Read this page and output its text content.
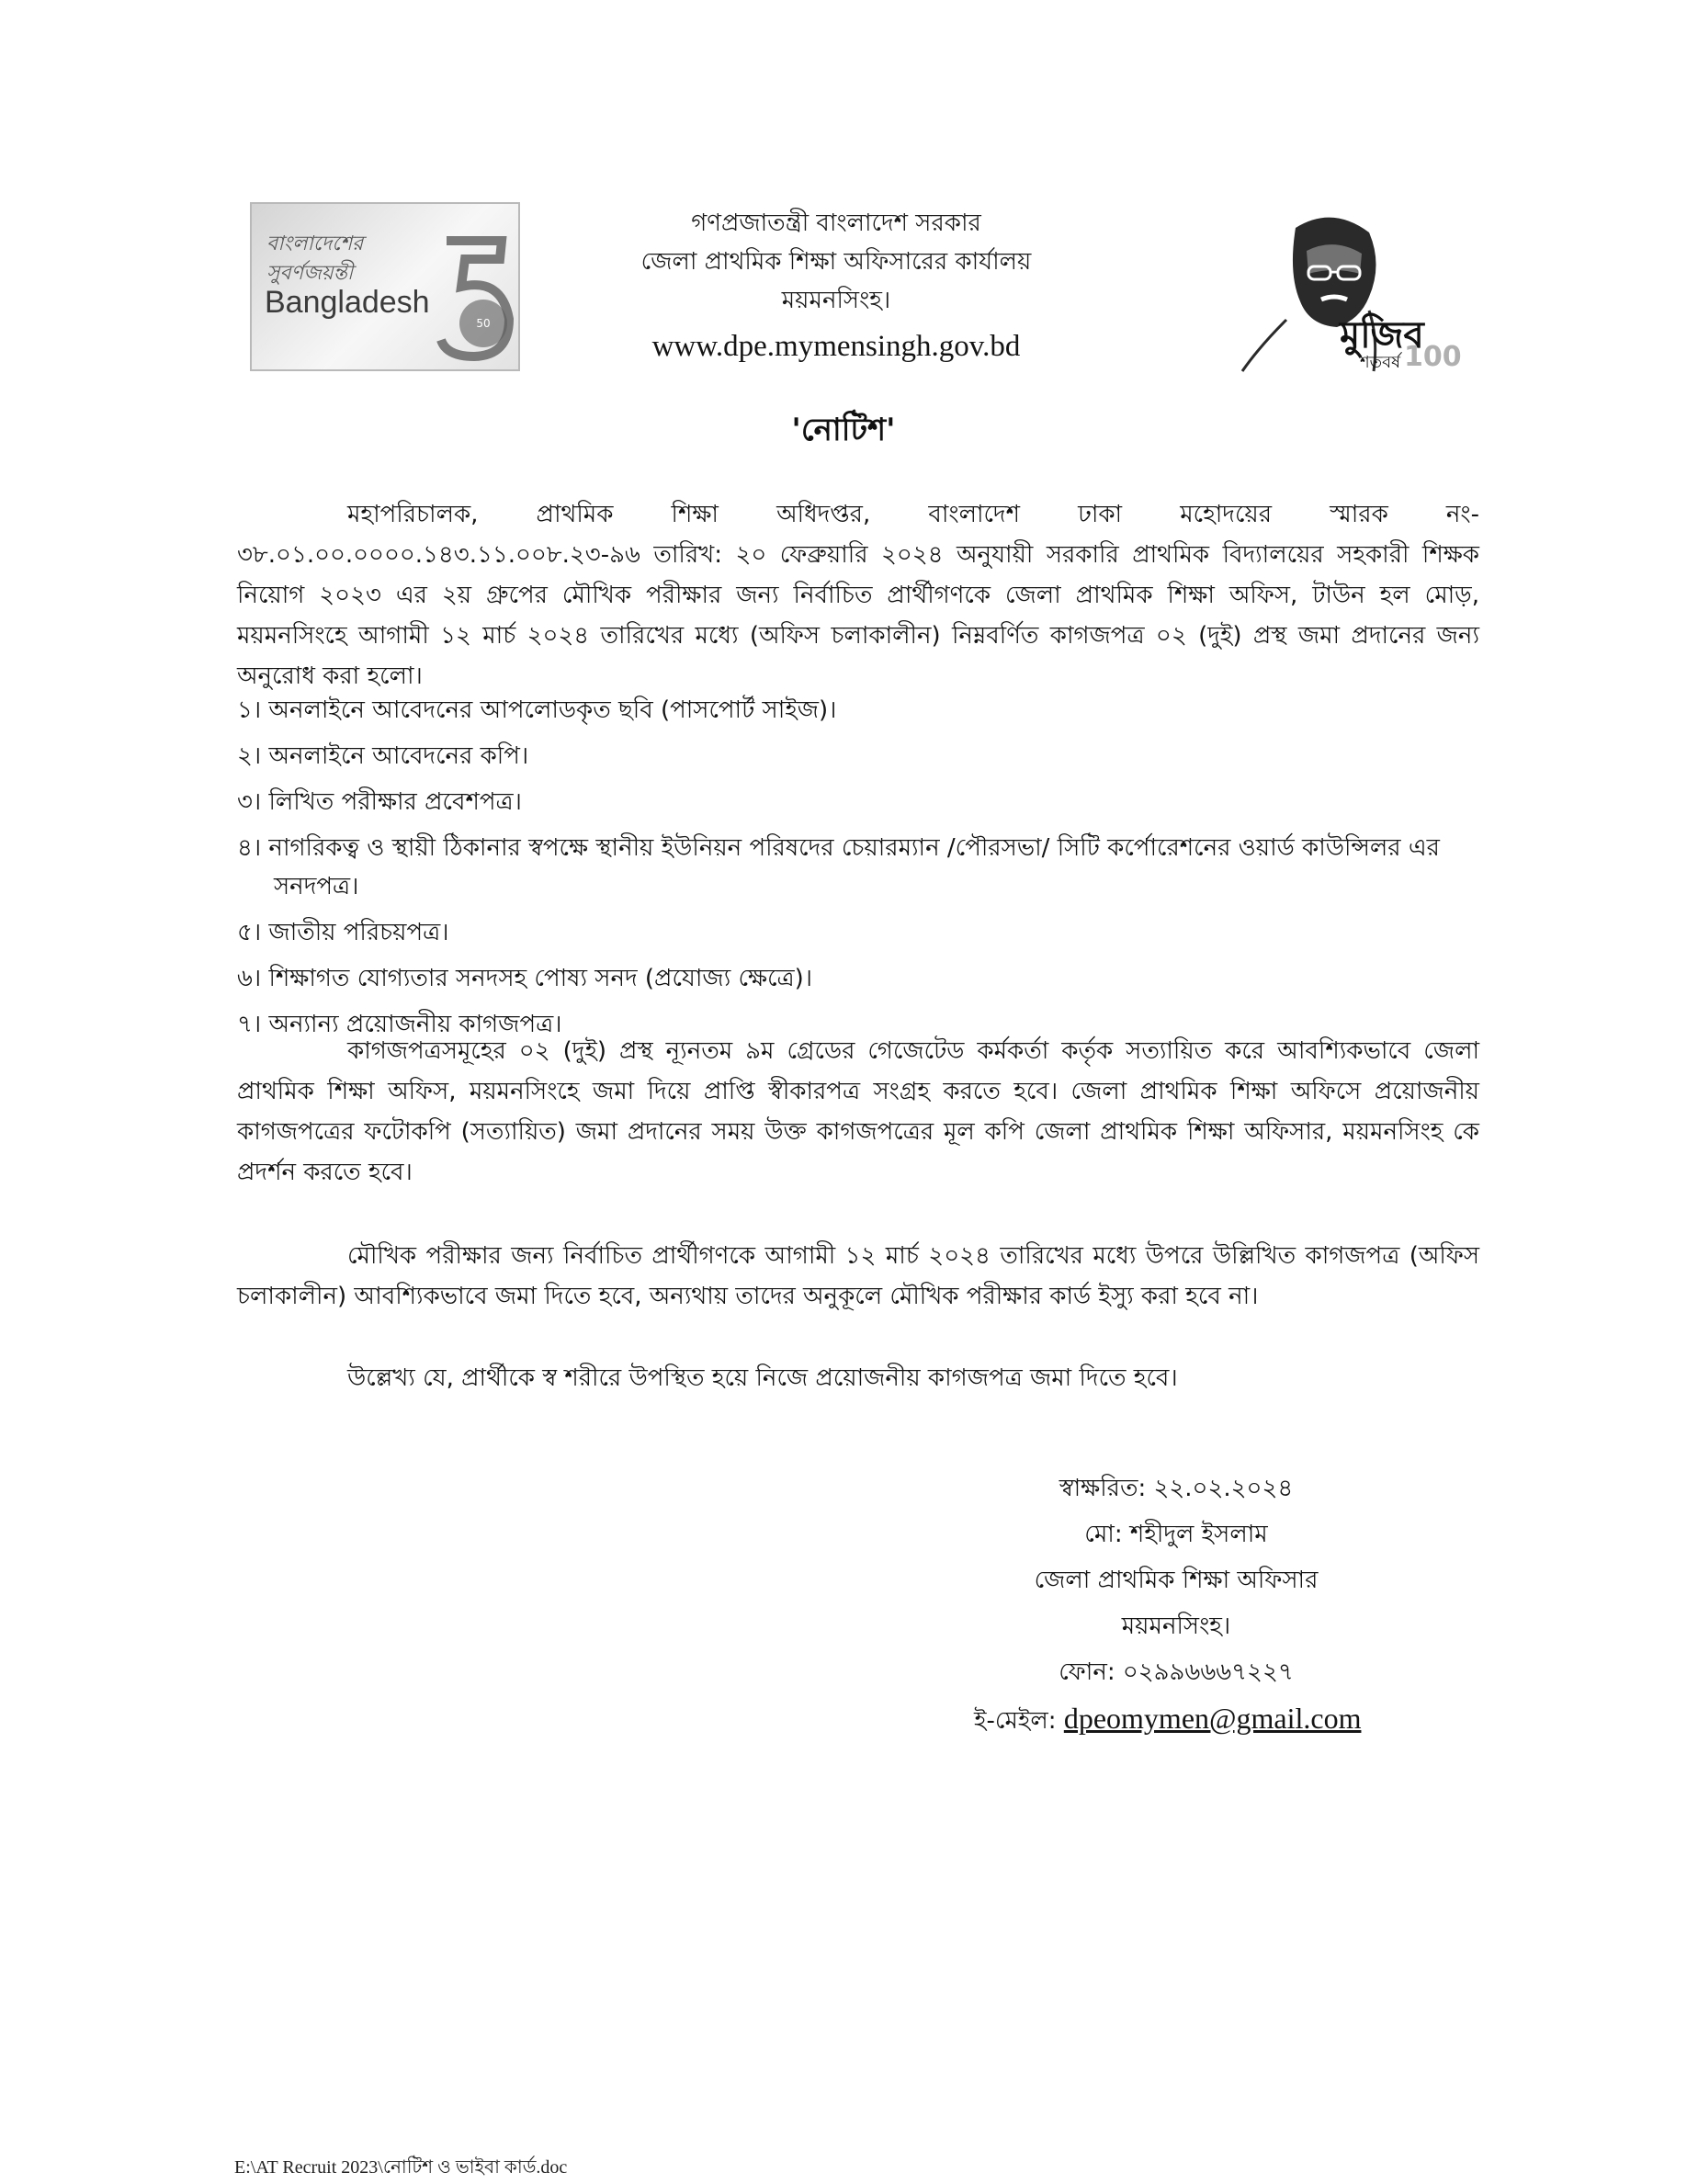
বাংলাদেশের
সুবর্ণজয়ন্তী
Bangladesh
50
গণপ্রজাতন্ত্রী বাংলাদেশ সরকার
জেলা প্রাথমিক শিক্ষা অফিসারের কার্যালয়
ময়মনসিংহ।
www.dpe.mymensingh.gov.bd	মুজিব
শতবর্ষ 100
'নোটিশ'
মহাপরিচালক, প্রাথমিক শিক্ষা অধিদপ্তর, বাংলাদেশ ঢাকা মহোদয়ের স্মারক নং- ৩৮.০১.০০.০০০০.১৪৩.১১.০০৮.২৩-৯৬ তারিখ: ২০ ফেব্রুয়ারি ২০২৪ অনুযায়ী সরকারি প্রাথমিক বিদ্যালয়ের সহকারী শিক্ষক নিয়োগ ২০২৩ এর ২য় গ্রুপের মৌখিক পরীক্ষার জন্য নির্বাচিত প্রার্থীগণকে জেলা প্রাথমিক শিক্ষা অফিস, টাউন হল মোড়, ময়মনসিংহে আগামী ১২ মার্চ ২০২৪ তারিখের মধ্যে (অফিস চলাকালীন) নিম্নবর্ণিত কাগজপত্র ০২ (দুই) প্রস্থ জমা প্রদানের জন্য অনুরোধ করা হলো।
১। অনলাইনে আবেদনের আপলোডকৃত ছবি (পাসপোর্ট সাইজ)।
২। অনলাইনে আবেদনের কপি।
৩। লিখিত পরীক্ষার প্রবেশপত্র।
৪। নাগরিকত্ব ও স্থায়ী ঠিকানার স্বপক্ষে স্থানীয় ইউনিয়ন পরিষদের চেয়ারম্যান /পৌরসভা/ সিটি কর্পোরেশনের ওয়ার্ড কাউন্সিলর এর সনদপত্র।
৫। জাতীয় পরিচয়পত্র।
৬। শিক্ষাগত যোগ্যতার সনদসহ পোষ্য সনদ (প্রযোজ্য ক্ষেত্রে)।
৭। অন্যান্য প্রয়োজনীয় কাগজপত্র।
কাগজপত্রসমূহের ০২ (দুই) প্রস্থ ন্যূনতম ৯ম গ্রেডের গেজেটেড কর্মকর্তা কর্তৃক সত্যায়িত করে আবশ্যিকভাবে জেলা প্রাথমিক শিক্ষা অফিস, ময়মনসিংহে জমা দিয়ে প্রাপ্তি স্বীকারপত্র সংগ্রহ করতে হবে। জেলা প্রাথমিক শিক্ষা অফিসে প্রয়োজনীয় কাগজপত্রের ফটোকপি (সত্যায়িত) জমা প্রদানের সময় উক্ত কাগজপত্রের মূল কপি জেলা প্রাথমিক শিক্ষা অফিসার, ময়মনসিংহ কে প্রদর্শন করতে হবে।
মৌখিক পরীক্ষার জন্য নির্বাচিত প্রার্থীগণকে আগামী ১২ মার্চ ২০২৪ তারিখের মধ্যে উপরে উল্লিখিত কাগজপত্র (অফিস চলাকালীন) আবশ্যিকভাবে জমা দিতে হবে, অন্যথায় তাদের অনুকূলে মৌখিক পরীক্ষার কার্ড ইস্যু করা হবে না।
উল্লেখ্য যে, প্রার্থীকে স্ব শরীরে উপস্থিত হয়ে নিজে প্রয়োজনীয় কাগজপত্র জমা দিতে হবে।
স্বাক্ষরিত: ২২.০২.২০২৪
মো: শহীদুল ইসলাম
জেলা প্রাথমিক শিক্ষা অফিসার
ময়মনসিংহ।
ফোন: ০২৯৯৬৬৬৭২২৭
ই-মেইল: dpeomymen@gmail.com
E:\AT Recruit 2023\নোটিশ ও ভাইবা কার্ড.doc
